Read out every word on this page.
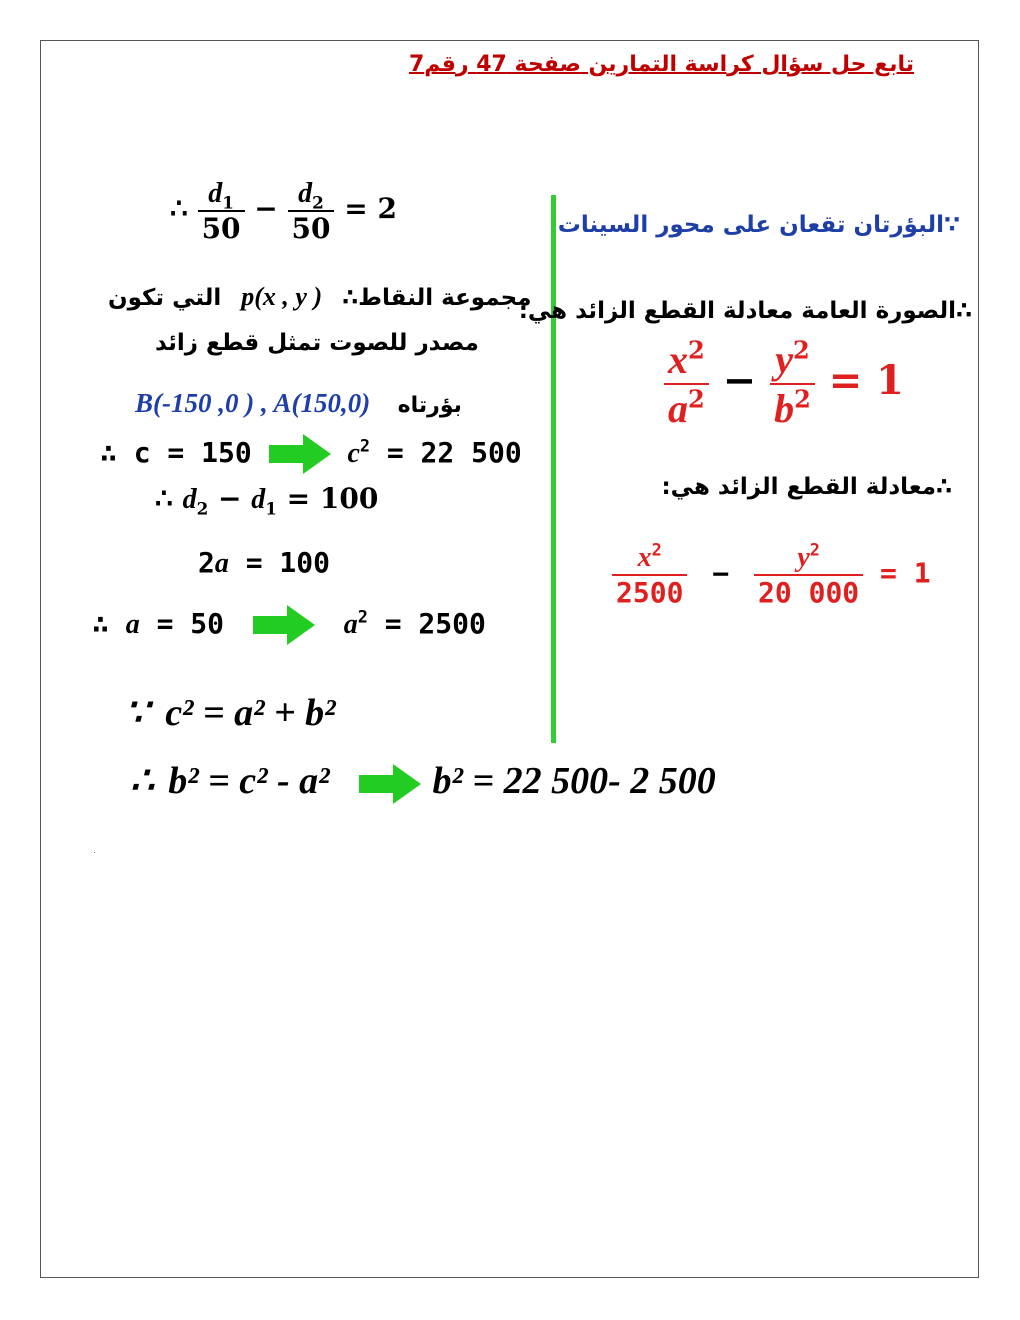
تابع حل سؤال كراسة التمارين صفحة 47 رقم7
∴ $\frac{d_1}{50} - \frac{d_2}{50} = 2$
التي تكون p(x , y ) ∴مجموعة النقاط
مصدر للصوت تمثل قطع زائد
B(-150 ,0 ) , A(150,0) بؤرتاه
∴ c = 150	$c^2 = 22$ 500
∴ $d_2 - d_1 = 100$
2a = 100
∴ a = 50	$a^2 = 2500$
∵ c² = a² + b²
∴ b² = c² - a²	b² = 22 500- 2 500
∵البؤرتان تقعان على محور السينات
∴الصورة العامة معادلة القطع الزائد هي:
$\frac{x^2}{a^2} - \frac{y^2}{b^2} = 1$
∴معادلة القطع الزائد هي:
$\frac{x^2}{2500} - \frac{y^2}{20 000} = 1$
